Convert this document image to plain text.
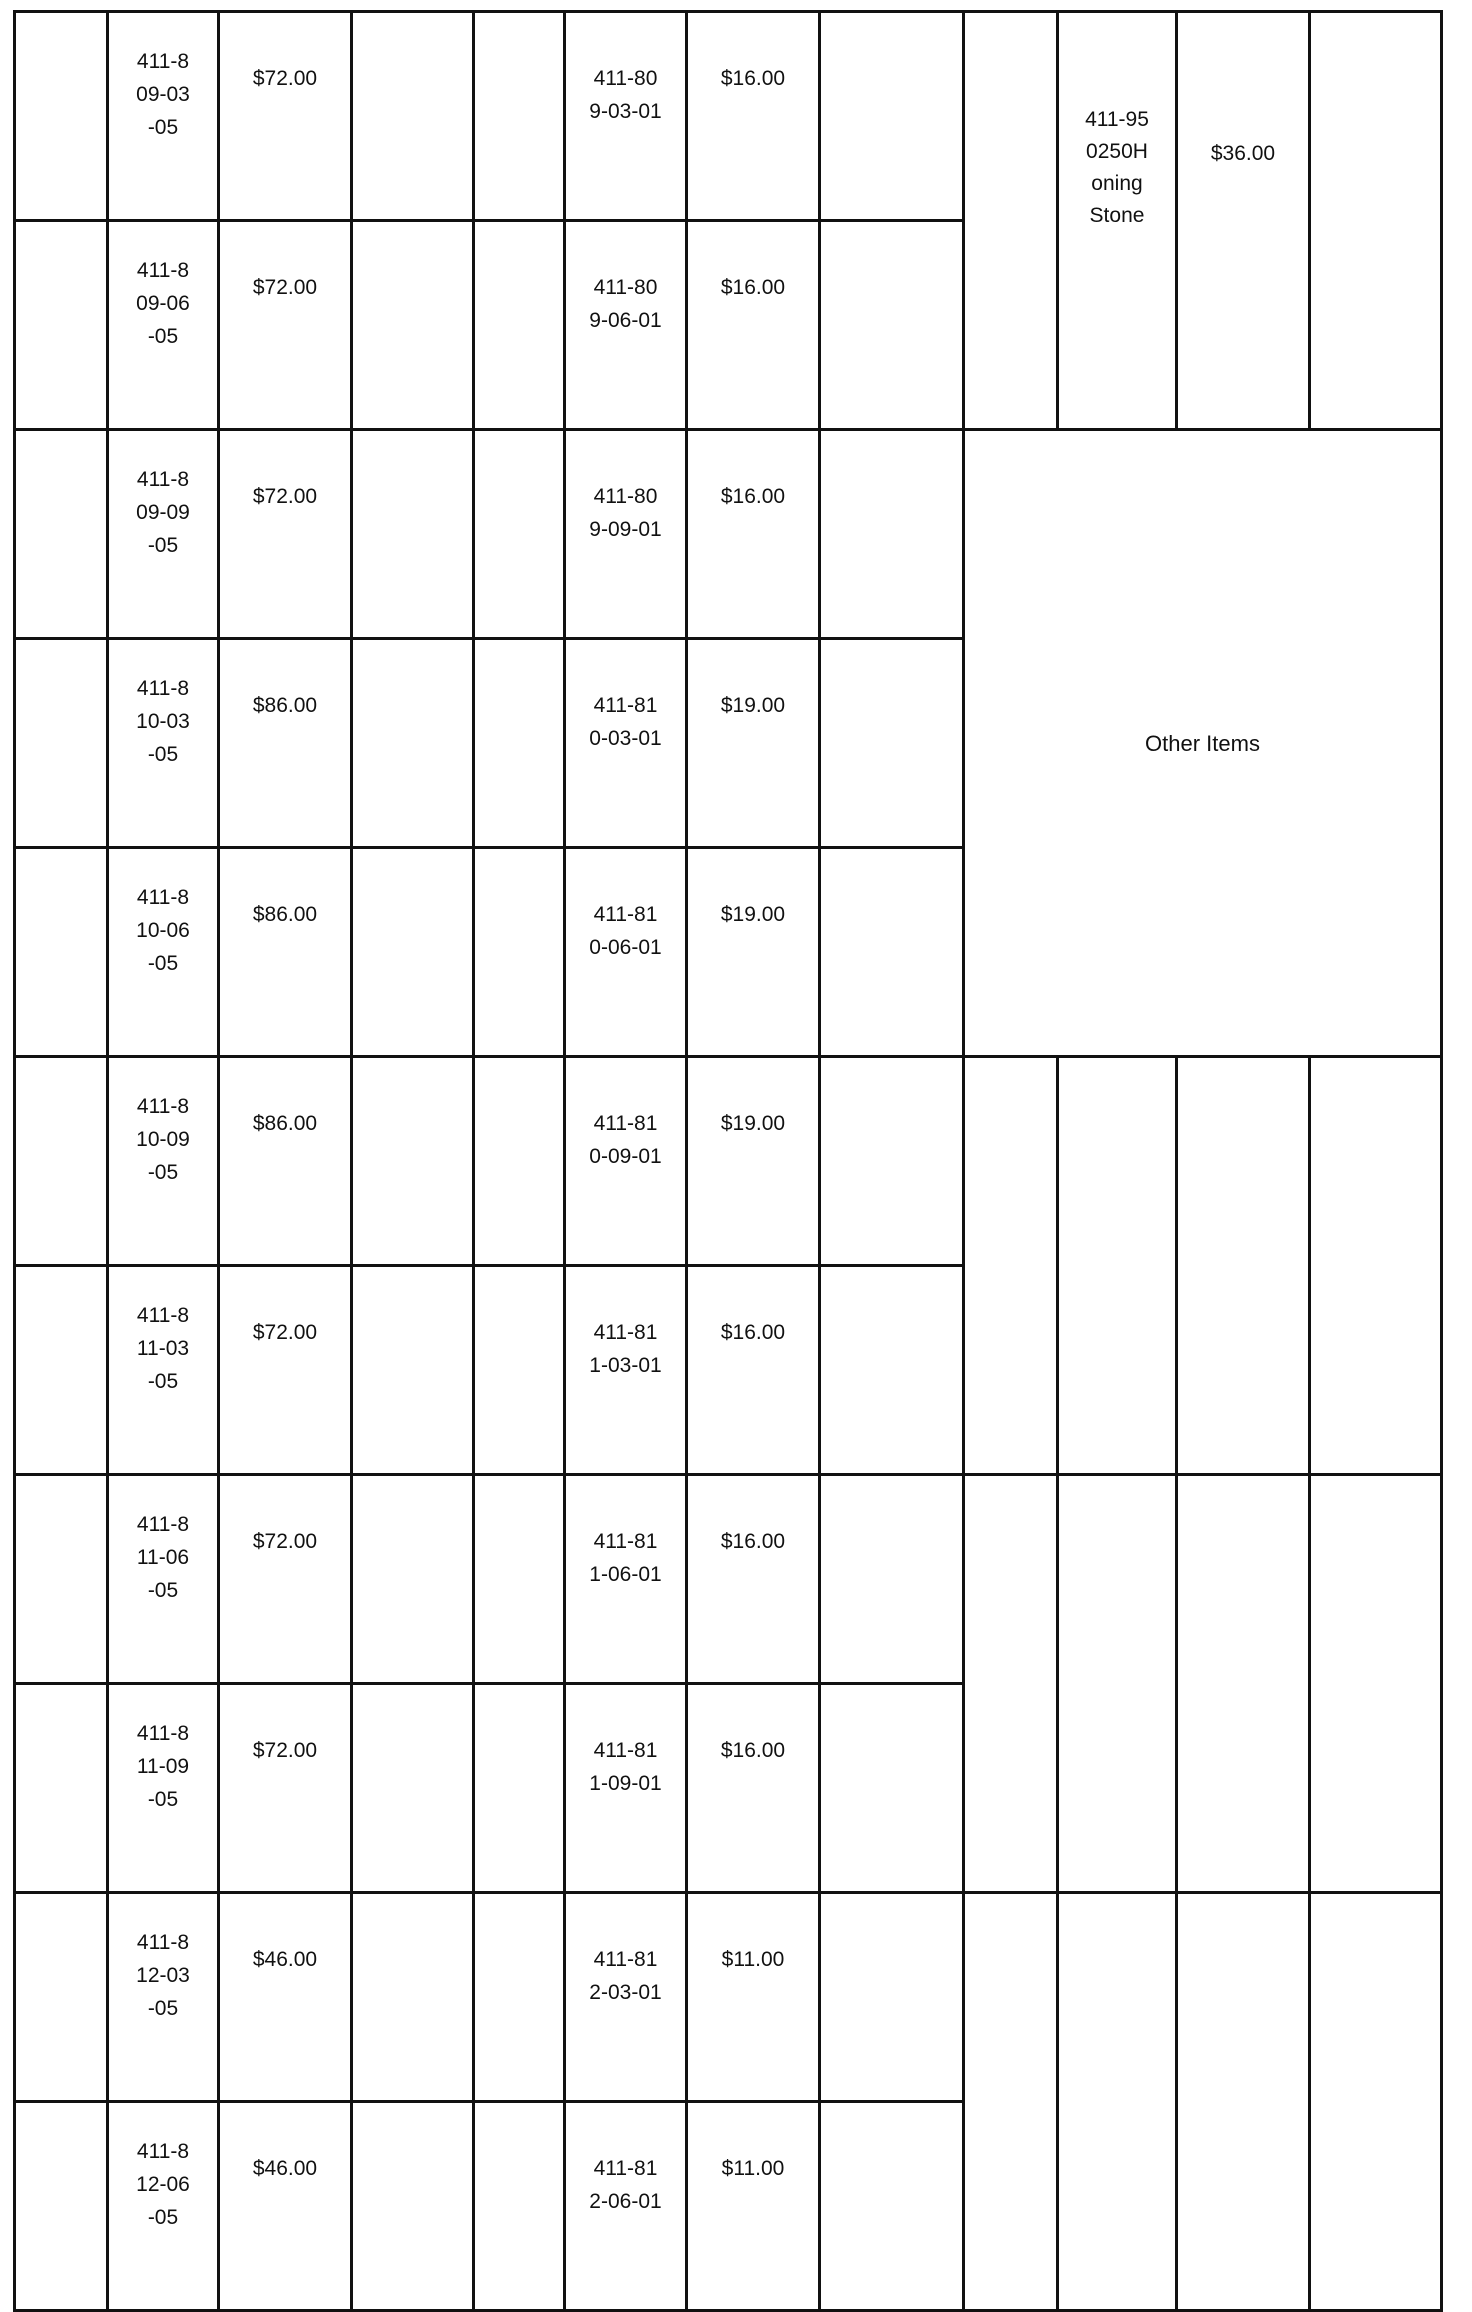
	411-8
09-03
-05	$72.00			411-80
9-03-01	$16.00			411-95
0250H
oning
Stone	$36.00	

	411-8
09-06
-05	$72.00			411-80
9-06-01	$16.00					

	411-8
09-09
-05	$72.00			411-80
9-09-01	$16.00		Other Items			

	411-8
10-03
-05	$86.00			411-81
0-03-01	$19.00					

	411-8
10-06
-05	$86.00			411-81
0-06-01	$19.00					

	411-8
10-09
-05	$86.00			411-81
0-09-01	$19.00					

	411-8
11-03
-05	$72.00			411-81
1-03-01	$16.00					

	411-8
11-06
-05	$72.00			411-81
1-06-01	$16.00					

	411-8
11-09
-05	$72.00			411-81
1-09-01	$16.00					

	411-8
12-03
-05	$46.00			411-81
2-03-01	$11.00					

	411-8
12-06
-05	$46.00			411-81
2-06-01	$11.00					
